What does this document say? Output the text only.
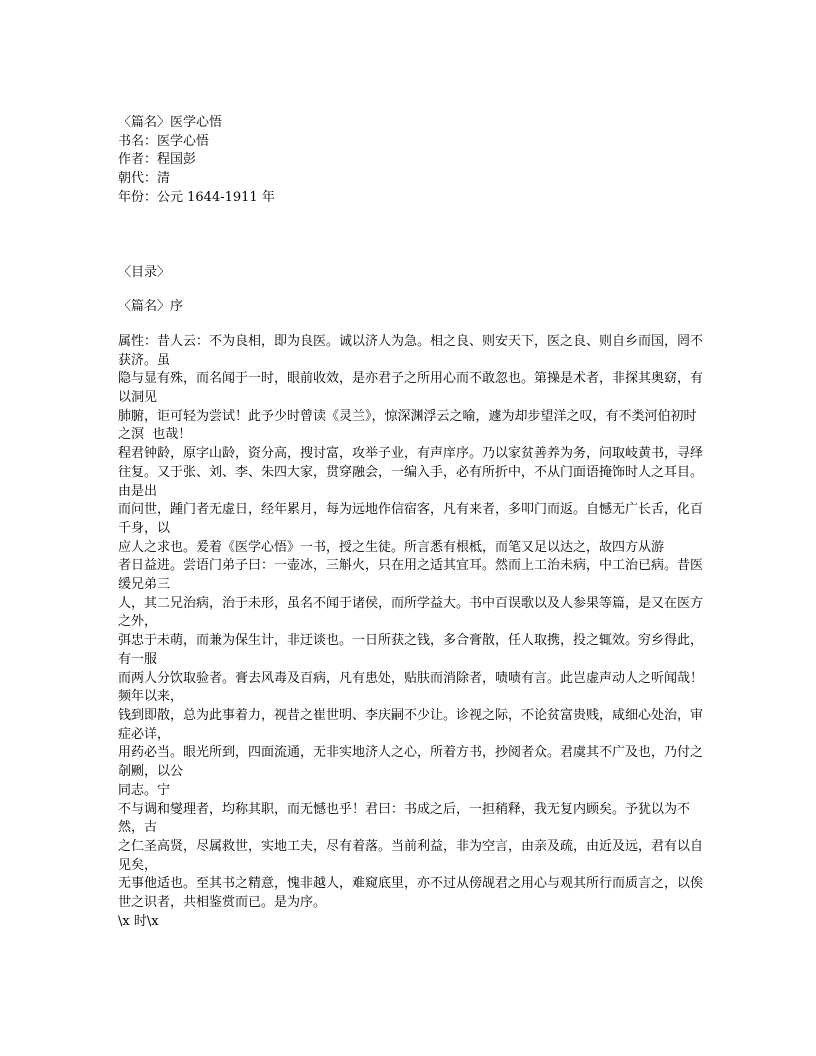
〈篇名〉医学心悟
书名：医学心悟
作者：程国彭
朝代：清
年份：公元 1644-1911 年
〈目录〉
〈篇名〉序
属性：昔人云：不为良相，即为良医。诚以济人为急。相之良、则安天下，医之良、则自乡而国，罔不获济。虽
隐与显有殊，而名闻于一时，眼前收效，是亦君子之所用心而不敢忽也。第操是术者，非探其奥窈，有以洞见
肺腑，讵可轻为尝试！此予少时曾读《灵兰》，惊深渊浮云之喻，遽为却步望洋之叹，有不类河伯初时之溟  也哉！
程君钟龄，原字山龄，资分高，搜讨富，攻举子业，有声庠序。乃以家贫善养为务，问取岐黄书，寻绎
往复。又于张、刘、李、朱四大家，贯穿融会，一编入手，必有所折中，不从门面语掩饰时人之耳目。由是出
而问世，踵门者无虚日，经年累月，每为远地作信宿客，凡有来者，多叩门而返。自憾无广长舌，化百千身，以
应人之求也。爰着《医学心悟》一书，授之生徒。所言悉有根柢，而笔又足以达之，故四方从游
者日益进。尝语门弟子曰：一壶冰，三斛火，只在用之适其宜耳。然而上工治未病，中工治已病。昔医缓兄弟三
人，其二兄治病，治于未形，虽名不闻于诸侯，而所学益大。书中百误歌以及人参果等篇，是又在医方之外，
弭忠于未萌，而兼为保生计，非迂谈也。一日所获之钱，多合膏散，任人取携，投之辄效。穷乡得此，有一服
而两人分饮取验者。膏去风毒及百病，凡有患处，贴肤而消除者，啧啧有言。此岂虚声动人之听闻哉！频年以来，
钱到即散，总为此事着力，视昔之崔世明、李庆嗣不少让。诊视之际，不论贫富贵贱，咸细心处治，审症必详，
用药必当。眼光所到，四面流通，无非实地济人之心，所着方书，抄阅者众。君虞其不广及也，乃付之剞劂，以公
同志。宁
不与调和燮理者，均称其职，而无憾也乎！君曰：书成之后，一担稍释，我无复内顾矣。予犹以为不然，古
之仁圣高贤，尽属救世，实地工夫，尽有着落。当前利益，非为空言，由亲及疏，由近及远，君有以自见矣，
无事他适也。至其书之精意，愧非越人，难窥底里，亦不过从傍觇君之用心与观其所行而质言之，以俟世之识者，共相鉴赏而已。是为序。
\x 时\x
